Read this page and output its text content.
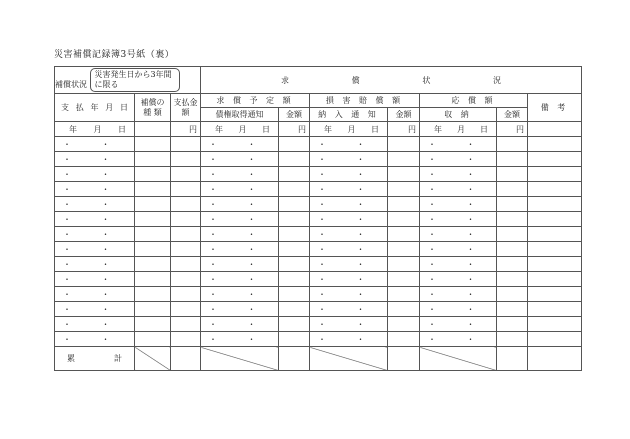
災害補償記録簿3号紙（裏）
補償状況 災害発生日から3年間に限る			求 償 状 況						

支 払 年 月 日	補償の種 類	支払金額	求 償 予 定 額		損 害 賠 償 額		応 償 額		備 考
			債権取得通知	金額	納 入 通 知	金額	収 納	金額	

年 月 日		円	年 月 日	円	年 月 日	円	年 月 日	円	
・ ・			・ ・		・ ・		・ ・		
・ ・			・ ・		・ ・		・ ・		
・ ・			・ ・		・ ・		・ ・		
・ ・			・ ・		・ ・		・ ・		
・ ・			・ ・		・ ・		・ ・		
・ ・			・ ・		・ ・		・ ・		
・ ・			・ ・		・ ・		・ ・		
・ ・			・ ・		・ ・		・ ・		
・ ・			・ ・		・ ・		・ ・		
・ ・			・ ・		・ ・		・ ・		
・ ・			・ ・		・ ・		・ ・		
・ ・			・ ・		・ ・		・ ・		
・ ・			・ ・		・ ・		・ ・		
・ ・			・ ・		・ ・		・ ・		

累 計									
